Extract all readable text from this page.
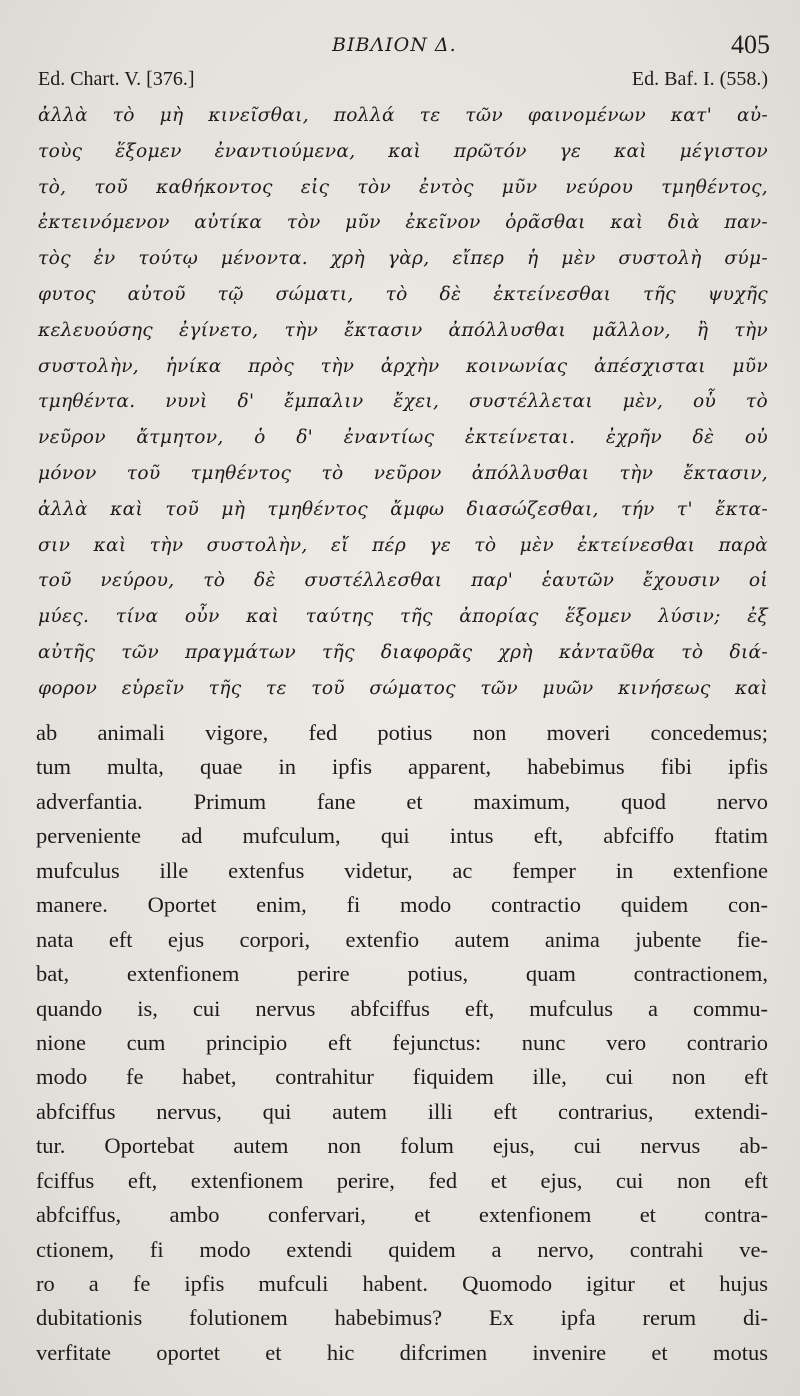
ΒΙΒΛΙΟΝ Δ.	405
Ed. Chart. V. [376.]	Ed. Baf. I. (558.)
ἀλλὰ τὸ μὴ κινεῖσθαι, πολλά τε τῶν φαινομένων κατ' αὐ-
τοὺς ἕξομεν ἐναντιούμενα, καὶ πρῶτόν γε καὶ μέγιστον
τὸ, τοῦ καθήκοντος εἰς τὸν ἐντὸς μῦν νεύρου τμηθέντος,
ἐκτεινόμενον αὐτίκα τὸν μῦν ἐκεῖνον ὁρᾶσθαι καὶ διὰ παν-
τὸς ἐν τούτῳ μένοντα. χρὴ γὰρ, εἴπερ ἡ μὲν συστολὴ σύμ-
φυτος αὐτοῦ τῷ σώματι, τὸ δὲ ἐκτείνεσθαι τῆς ψυχῆς
κελευούσης ἐγίνετο, τὴν ἔκτασιν ἀπόλλυσθαι μᾶλλον, ἢ τὴν
συστολὴν, ἡνίκα πρὸς τὴν ἀρχὴν κοινωνίας ἀπέσχισται μῦν
τμηθέντα. νυνὶ δ' ἔμπαλιν ἔχει, συστέλλεται μὲν, οὗ τὸ
νεῦρον ἄτμητον, ὁ δ' ἐναντίως ἐκτείνεται. ἐχρῆν δὲ οὐ
μόνον τοῦ τμηθέντος τὸ νεῦρον ἀπόλλυσθαι τὴν ἔκτασιν,
ἀλλὰ καὶ τοῦ μὴ τμηθέντος ἄμφω διασώζεσθαι, τήν τ' ἔκτα-
σιν καὶ τὴν συστολὴν, εἴ πέρ γε τὸ μὲν ἐκτείνεσθαι παρὰ
τοῦ νεύρου, τὸ δὲ συστέλλεσθαι παρ' ἑαυτῶν ἔχουσιν οἱ
μύες. τίνα οὖν καὶ ταύτης τῆς ἀπορίας ἕξομεν λύσιν; ἐξ
αὐτῆς τῶν πραγμάτων τῆς διαφορᾶς χρὴ κἀνταῦθα τὸ διά-
φορον εὑρεῖν τῆς τε τοῦ σώματος τῶν μυῶν κινήσεως καὶ
ab animali vigore, fed potius non moveri concedemus;
tum multa, quae in ipfis apparent, habebimus fibi ipfis
adverfantia. Primum fane et maximum, quod nervo
perveniente ad mufculum, qui intus eft, abfciffo ftatim
mufculus ille extenfus videtur, ac femper in extenfione
manere. Oportet enim, fi modo contractio quidem con-
nata eft ejus corpori, extenfio autem anima jubente fie-
bat, extenfionem perire potius, quam contractionem,
quando is, cui nervus abfciffus eft, mufculus a commu-
nione cum principio eft fejunctus: nunc vero contrario
modo fe habet, contrahitur fiquidem ille, cui non eft
abfciffus nervus, qui autem illi eft contrarius, extendi-
tur. Oportebat autem non folum ejus, cui nervus ab-
fciffus eft, extenfionem perire, fed et ejus, cui non eft
abfciffus, ambo confervari, et extenfionem et contra-
ctionem, fi modo extendi quidem a nervo, contrahi ve-
ro a fe ipfis mufculi habent. Quomodo igitur et hujus
dubitationis folutionem habebimus? Ex ipfa rerum di-
verfitate oportet et hic difcrimen invenire et motus
